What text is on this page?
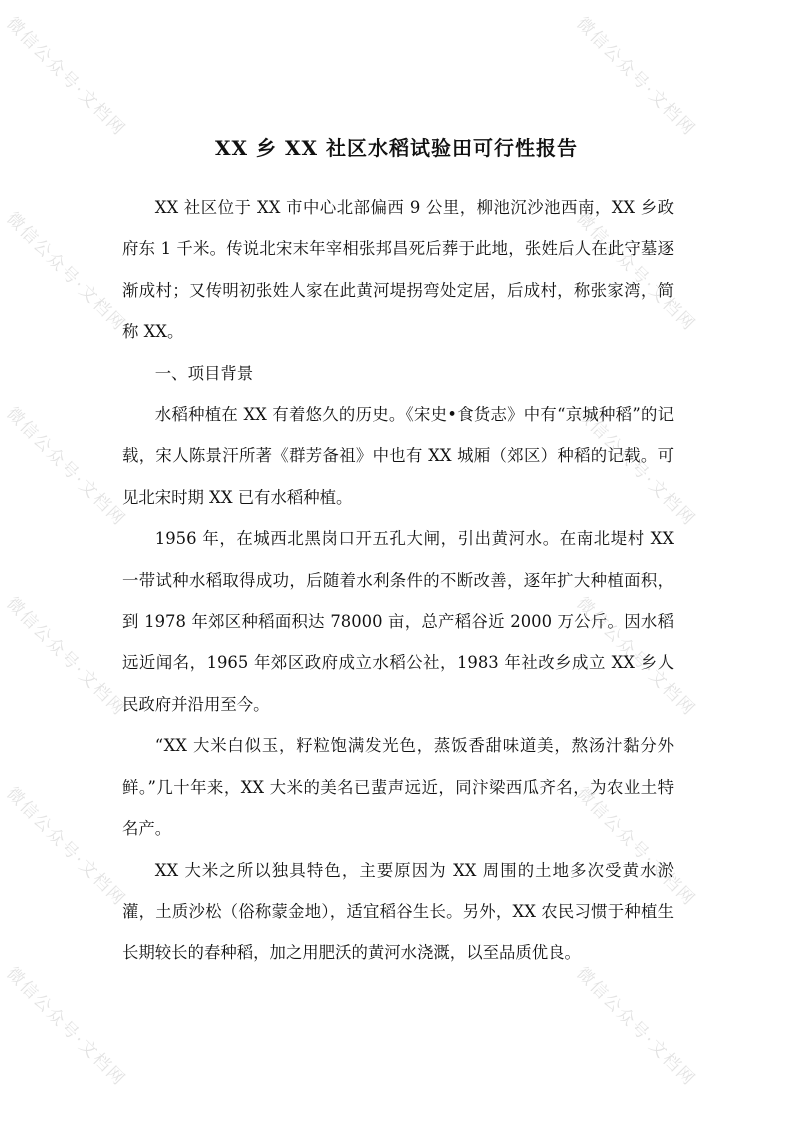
微信公众号·文档网	微信公众号·文档网
微信公众号·文档网	微信公众号·文档网
微信公众号·文档网	微信公众号·文档网
微信公众号·文档网	微信公众号·文档网
微信公众号·文档网	微信公众号·文档网
微信公众号·文档网	微信公众号·文档网
XX 乡 XX 社区水稻试验田可行性报告

XX 社区位于 XX 市中心北部偏西 9 公里，柳池沉沙池西南，XX 乡政府东 1 千米。传说北宋末年宰相张邦昌死后葬于此地，张姓后人在此守墓逐渐成村；又传明初张姓人家在此黄河堤拐弯处定居，后成村，称张家湾，简称 XX。

一、项目背景

水稻种植在 XX 有着悠久的历史。《宋史•食货志》中有“京城种稻”的记载，宋人陈景汗所著《群芳备祖》中也有 XX 城厢（郊区）种稻的记载。可见北宋时期 XX 已有水稻种植。

1956 年，在城西北黑岗口开五孔大闸，引出黄河水。在南北堤村 XX 一带试种水稻取得成功，后随着水利条件的不断改善，逐年扩大种植面积，到 1978 年郊区种稻面积达 78000 亩，总产稻谷近 2000 万公斤。因水稻远近闻名，1965 年郊区政府成立水稻公社，1983 年社改乡成立 XX 乡人民政府并沿用至今。

“XX 大米白似玉，籽粒饱满发光色，蒸饭香甜味道美，熬汤汁黏分外鲜。”几十年来，XX 大米的美名已蜚声远近，同汴梁西瓜齐名，为农业土特名产。

XX 大米之所以独具特色，主要原因为 XX 周围的土地多次受黄水淤灌，土质沙松（俗称蒙金地），适宜稻谷生长。另外，XX 农民习惯于种植生长期较长的春种稻，加之用肥沃的黄河水浇溉，以至品质优良。
